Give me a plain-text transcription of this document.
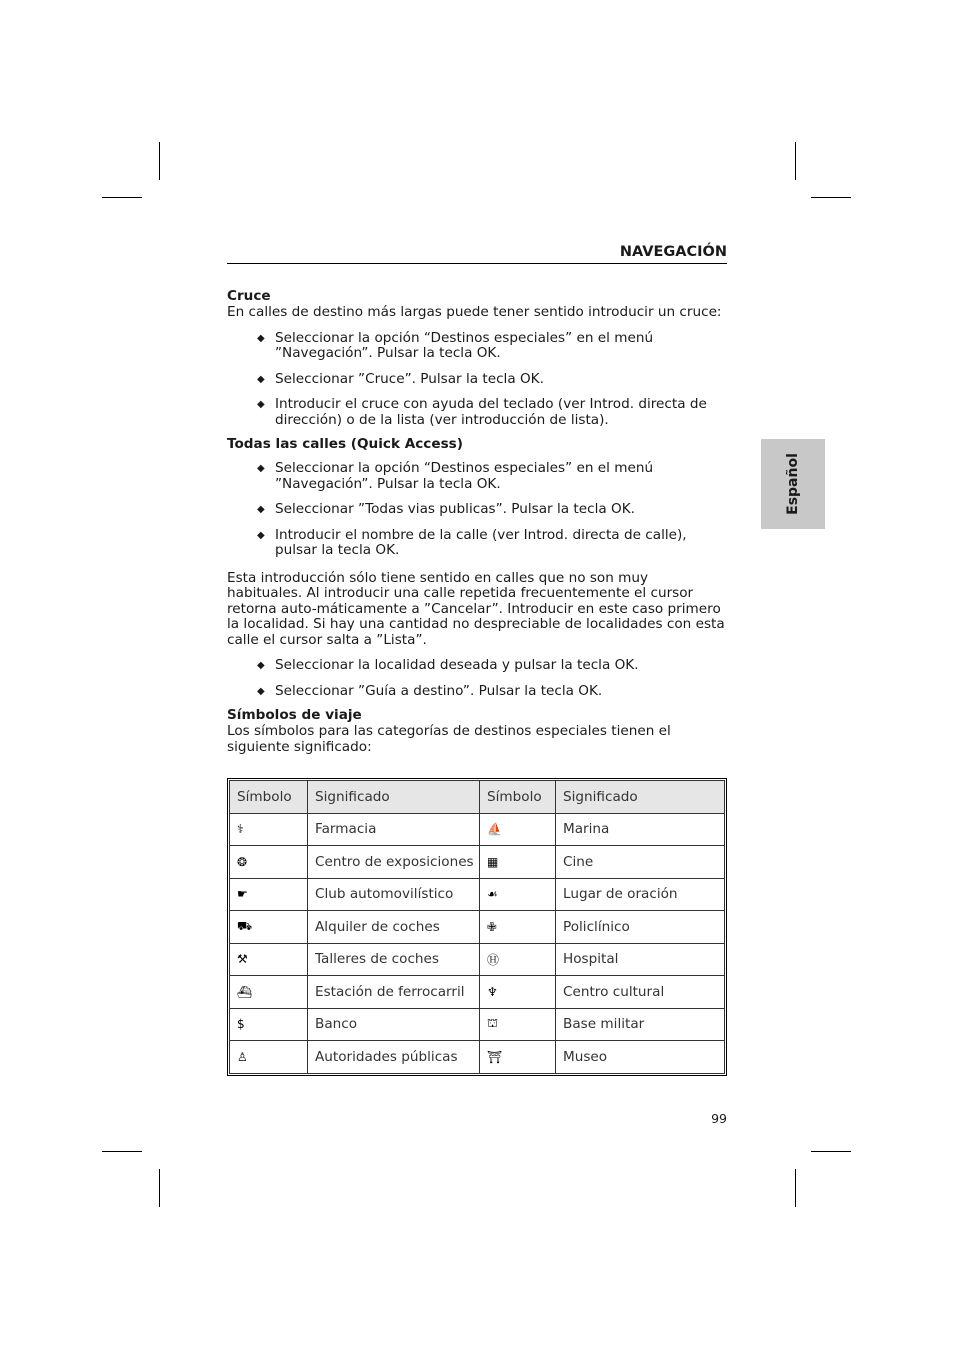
NAVEGACIÓN
Español
Cruce

En calles de destino más largas puede tener sentido introducir un cruce:

◆ Seleccionar la opción “Destinos especiales” en el menú ”Navegación”. Pulsar la tecla OK.
◆ Seleccionar ”Cruce”. Pulsar la tecla OK.
◆ Introducir el cruce con ayuda del teclado (ver Introd. directa de dirección) o de la lista (ver introducción de lista).
Todas las calles (Quick Access)
◆ Seleccionar la opción “Destinos especiales” en el menú ”Navegación”. Pulsar la tecla OK.
◆ Seleccionar ”Todas vias publicas”. Pulsar la tecla OK.
◆ Introducir el nombre de la calle (ver Introd. directa de calle), pulsar la tecla OK.

Esta introducción sólo tiene sentido en calles que no son muy habituales. Al introducir una calle repetida frecuentemente el cursor retorna auto-máticamente a ”Cancelar”. Introducir en este caso primero la localidad. Si hay una cantidad no despreciable de localidades con esta calle el cursor salta a ”Lista”.

◆ Seleccionar la localidad deseada y pulsar la tecla OK.
◆ Seleccionar ”Guía a destino”. Pulsar la tecla OK.
Símbolos de viaje

Los símbolos para las categorías de destinos especiales tienen el siguiente significado:

Símbolo	Significado	Símbolo	Significado
⚕	Farmacia	⛵	Marina
❂	Centro de exposiciones	▦	Cine
☛	Club automovilístico	☙	Lugar de oración
⛟	Alquiler de coches	✙	Policlínico
⚒	Talleres de coches	Ⓗ	Hospital
⛴	Estación de ferrocarril	♆	Centro cultural
$	Banco	⛫	Base militar
♙	Autoridades públicas	⛩	Museo
99
